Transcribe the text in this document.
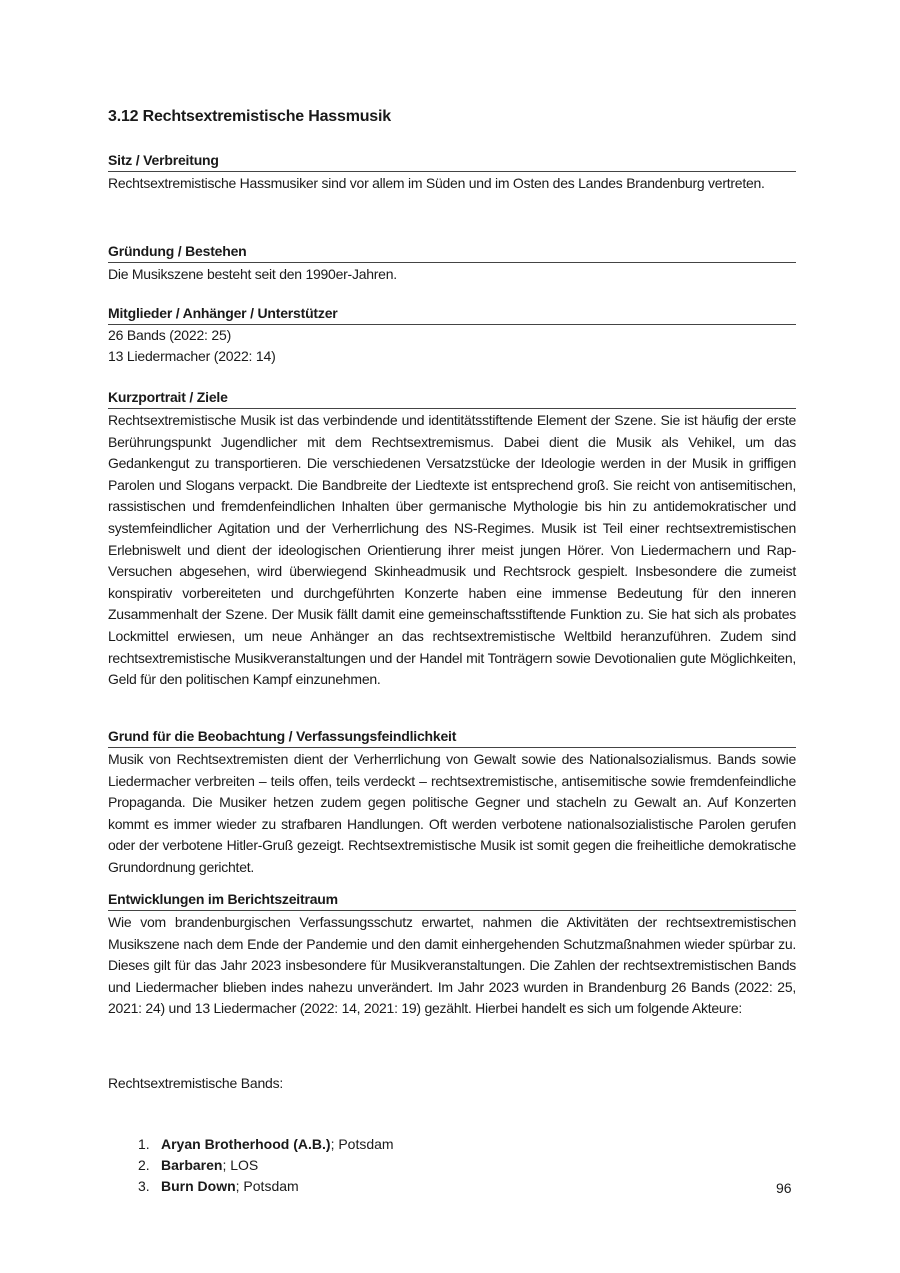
3.12 Rechtsextremistische Hassmusik
Sitz / Verbreitung

Rechtsextremistische Hassmusiker sind vor allem im Süden und im Osten des Landes Brandenburg vertreten.

Gründung / Bestehen

Die Musikszene besteht seit den 1990er-Jahren.

Mitglieder / Anhänger / Unterstützer
26 Bands (2022: 25)
13 Liedermacher (2022: 14)
Kurzportrait / Ziele

Rechtsextremistische Musik ist das verbindende und identitätsstiftende Element der Szene. Sie ist häufig der erste Berührungspunkt Jugendlicher mit dem Rechtsextremismus. Dabei dient die Musik als Vehikel, um das Gedankengut zu transportieren. Die verschiedenen Versatzstücke der Ideologie werden in der Musik in griffigen Parolen und Slogans verpackt. Die Bandbreite der Liedtexte ist entsprechend groß. Sie reicht von antisemitischen, rassistischen und fremdenfeindlichen Inhalten über germanische Mythologie bis hin zu antidemokratischer und systemfeindlicher Agitation und der Verherrlichung des NS-Regimes. Musik ist Teil einer rechtsextremistischen Erlebniswelt und dient der ideologischen Orientierung ihrer meist jungen Hörer. Von Liedermachern und Rap-Versuchen abgesehen, wird überwiegend Skinheadmusik und Rechtsrock gespielt. Insbesondere die zumeist konspirativ vorbereiteten und durchgeführten Konzerte haben eine immense Bedeutung für den inneren Zusammenhalt der Szene. Der Musik fällt damit eine gemeinschaftsstiftende Funktion zu. Sie hat sich als probates Lockmittel erwiesen, um neue Anhänger an das rechtsextremistische Weltbild heranzuführen. Zudem sind rechtsextremistische Musikveranstaltungen und der Handel mit Tonträgern sowie Devotionalien gute Möglichkeiten, Geld für den politischen Kampf einzunehmen.

Grund für die Beobachtung / Verfassungsfeindlichkeit

Musik von Rechtsextremisten dient der Verherrlichung von Gewalt sowie des Nationalsozialismus. Bands sowie Liedermacher verbreiten – teils offen, teils verdeckt – rechtsextremistische, antisemitische sowie fremdenfeindliche Propaganda. Die Musiker hetzen zudem gegen politische Gegner und stacheln zu Gewalt an. Auf Konzerten kommt es immer wieder zu strafbaren Handlungen. Oft werden verbotene nationalsozialistische Parolen gerufen oder der verbotene Hitler-Gruß gezeigt. Rechtsextremistische Musik ist somit gegen die freiheitliche demokratische Grundordnung gerichtet.

Entwicklungen im Berichtszeitraum

Wie vom brandenburgischen Verfassungsschutz erwartet, nahmen die Aktivitäten der rechtsextremistischen Musikszene nach dem Ende der Pandemie und den damit einhergehenden Schutzmaßnahmen wieder spürbar zu. Dieses gilt für das Jahr 2023 insbesondere für Musikveranstaltungen. Die Zahlen der rechtsextremistischen Bands und Liedermacher blieben indes nahezu unverändert. Im Jahr 2023 wurden in Brandenburg 26 Bands (2022: 25, 2021: 24) und 13 Liedermacher (2022: 14, 2021: 19) gezählt. Hierbei handelt es sich um folgende Akteure:

Rechtsextremistische Bands:
1. Aryan Brotherhood (A.B.); Potsdam
2. Barbaren; LOS
3. Burn Down; Potsdam	96
